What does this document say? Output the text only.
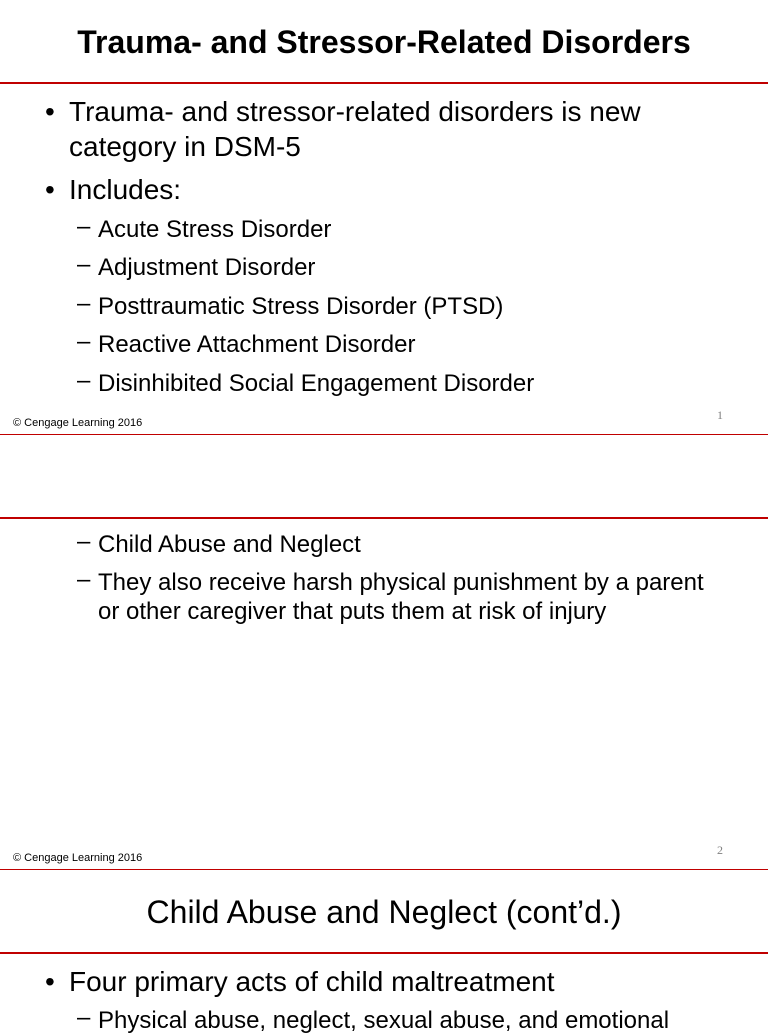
Trauma- and Stressor-Related Disorders
• Trauma- and stressor-related disorders is new category in DSM-5
• Includes:
– Acute Stress Disorder
– Adjustment Disorder
– Posttraumatic Stress Disorder (PTSD)
– Reactive Attachment Disorder
– Disinhibited Social Engagement Disorder
1
© Cengage Learning 2016
– Child Abuse and Neglect
– They also receive harsh physical punishment by a parent or other caregiver that puts them at risk of injury
2
© Cengage Learning 2016
Child Abuse and Neglect (cont’d.)
• Four primary acts of child maltreatment
– Physical abuse, neglect, sexual abuse, and emotional
